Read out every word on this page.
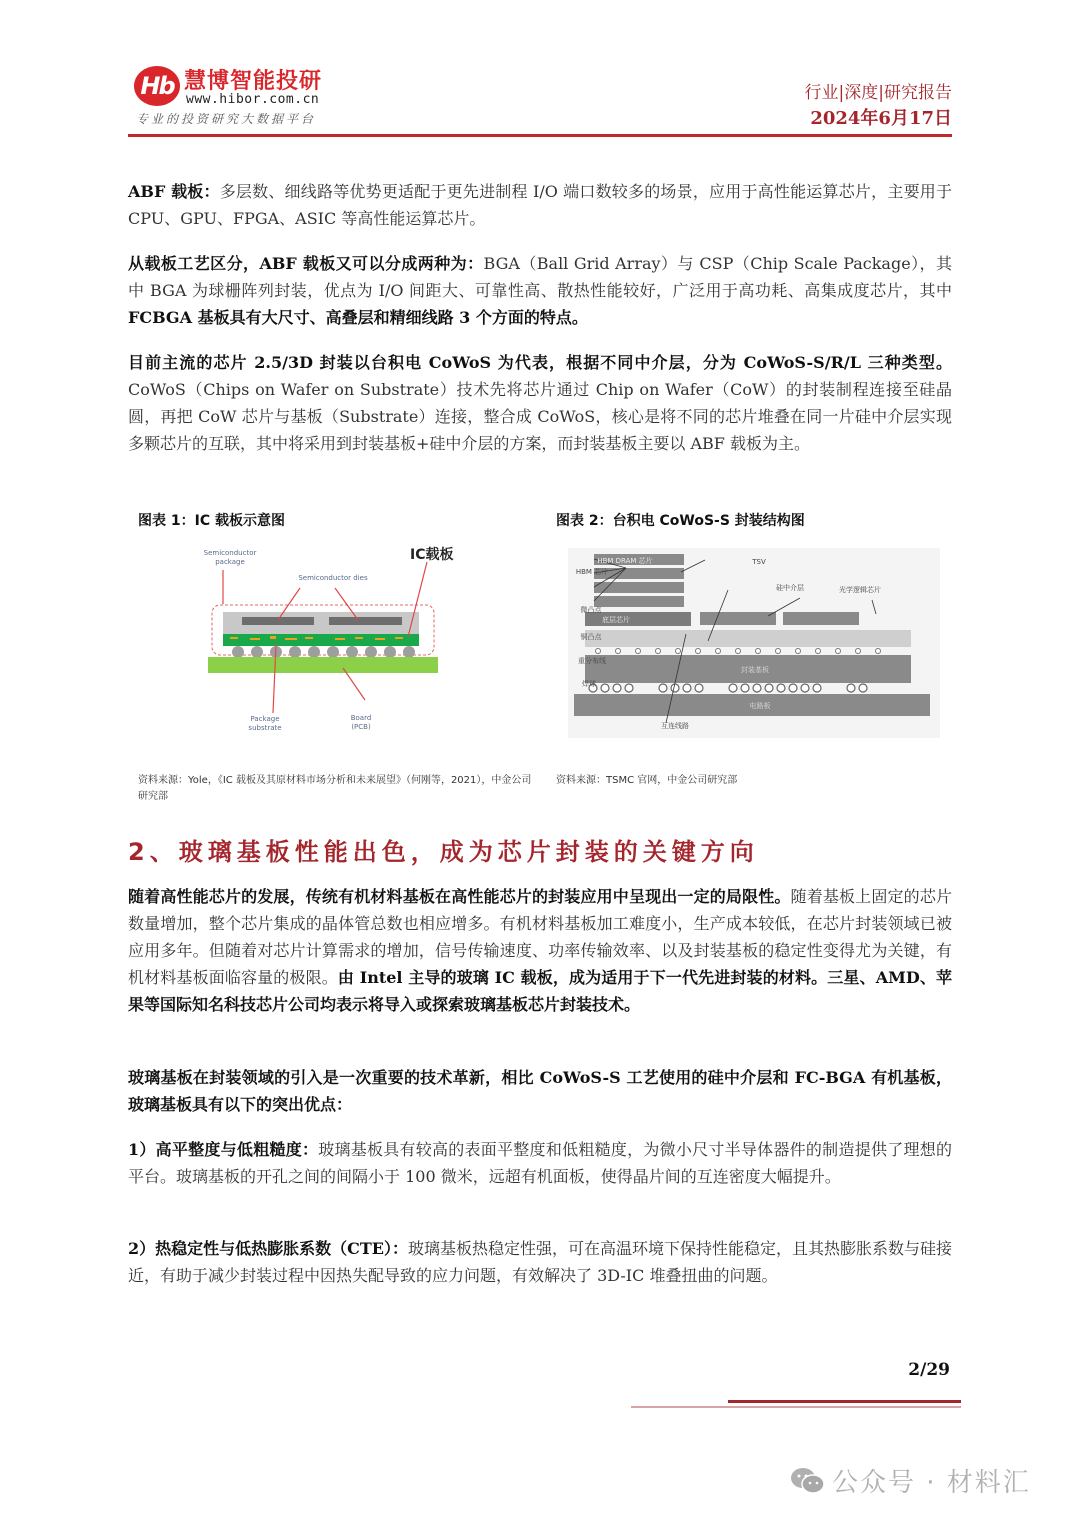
Hb 慧博智能投研
www.hibor.com.cn
专业的投资研究大数据平台
行业|深度|研究报告
2024年6月17日
ABF 载板：多层数、细线路等优势更适配于更先进制程 I/O 端口数较多的场景，应用于高性能运算芯片，主要用于 CPU、GPU、FPGA、ASIC 等高性能运算芯片。
从载板工艺区分，ABF 载板又可以分成两种为：BGA（Ball Grid Array）与 CSP（Chip Scale Package），其中 BGA 为球栅阵列封装，优点为 I/O 间距大、可靠性高、散热性能较好，广泛用于高功耗、高集成度芯片，其中 FCBGA 基板具有大尺寸、高叠层和精细线路 3 个方面的特点。
目前主流的芯片 2.5/3D 封装以台积电 CoWoS 为代表，根据不同中介层，分为 CoWoS-S/R/L 三种类型。CoWoS（Chips on Wafer on Substrate）技术先将芯片通过 Chip on Wafer（CoW）的封装制程连接至硅晶圆，再把 CoW 芯片与基板（Substrate）连接，整合成 CoWoS，核心是将不同的芯片堆叠在同一片硅中介层实现多颗芯片的互联，其中将采用到封装基板+硅中介层的方案，而封装基板主要以 ABF 载板为主。
图表 1：IC 载板示意图
Semiconductor package
Semiconductor dies
IC载板
Package substrate
Board (PCB)
资料来源：Yole，《IC 载板及其原材料市场分析和未来展望》（何刚等，2021），中金公司研究部
图表 2：台积电 CoWoS-S 封装结构图
HBM 芯片
TSV
HBM DRAM 芯片
微凸点
铜凸点
重分布线
焊球
底层芯片
硅中介层	光学逻辑芯片
封装基板
电路板
互连线路
资料来源：TSMC 官网，中金公司研究部
2、玻璃基板性能出色，成为芯片封装的关键方向
随着高性能芯片的发展，传统有机材料基板在高性能芯片的封装应用中呈现出一定的局限性。随着基板上固定的芯片数量增加，整个芯片集成的晶体管总数也相应增多。有机材料基板加工难度小，生产成本较低，在芯片封装领域已被应用多年。但随着对芯片计算需求的增加，信号传输速度、功率传输效率、以及封装基板的稳定性变得尤为关键，有机材料基板面临容量的极限。由 Intel 主导的玻璃 IC 载板，成为适用于下一代先进封装的材料。三星、AMD、苹果等国际知名科技芯片公司均表示将导入或探索玻璃基板芯片封装技术。
玻璃基板在封装领域的引入是一次重要的技术革新，相比 CoWoS-S 工艺使用的硅中介层和 FC-BGA 有机基板，玻璃基板具有以下的突出优点：
1）高平整度与低粗糙度：玻璃基板具有较高的表面平整度和低粗糙度，为微小尺寸半导体器件的制造提供了理想的平台。玻璃基板的开孔之间的间隔小于 100 微米，远超有机面板，使得晶片间的互连密度大幅提升。
2）热稳定性与低热膨胀系数（CTE）：玻璃基板热稳定性强，可在高温环境下保持性能稳定，且其热膨胀系数与硅接近，有助于减少封装过程中因热失配导致的应力问题，有效解决了 3D-IC 堆叠扭曲的问题。
2/29
公众号 · 材料汇
